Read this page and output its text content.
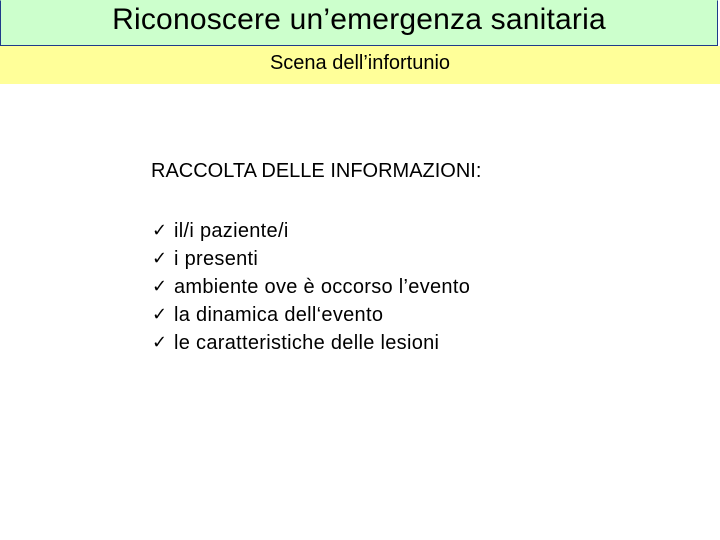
Riconoscere un’emergenza sanitaria
Scena dell’infortunio
RACCOLTA DELLE INFORMAZIONI:
✓ il/i paziente/i
✓ i presenti
✓ ambiente ove è occorso l’evento
✓ la dinamica dell‘evento
✓ le caratteristiche delle lesioni
